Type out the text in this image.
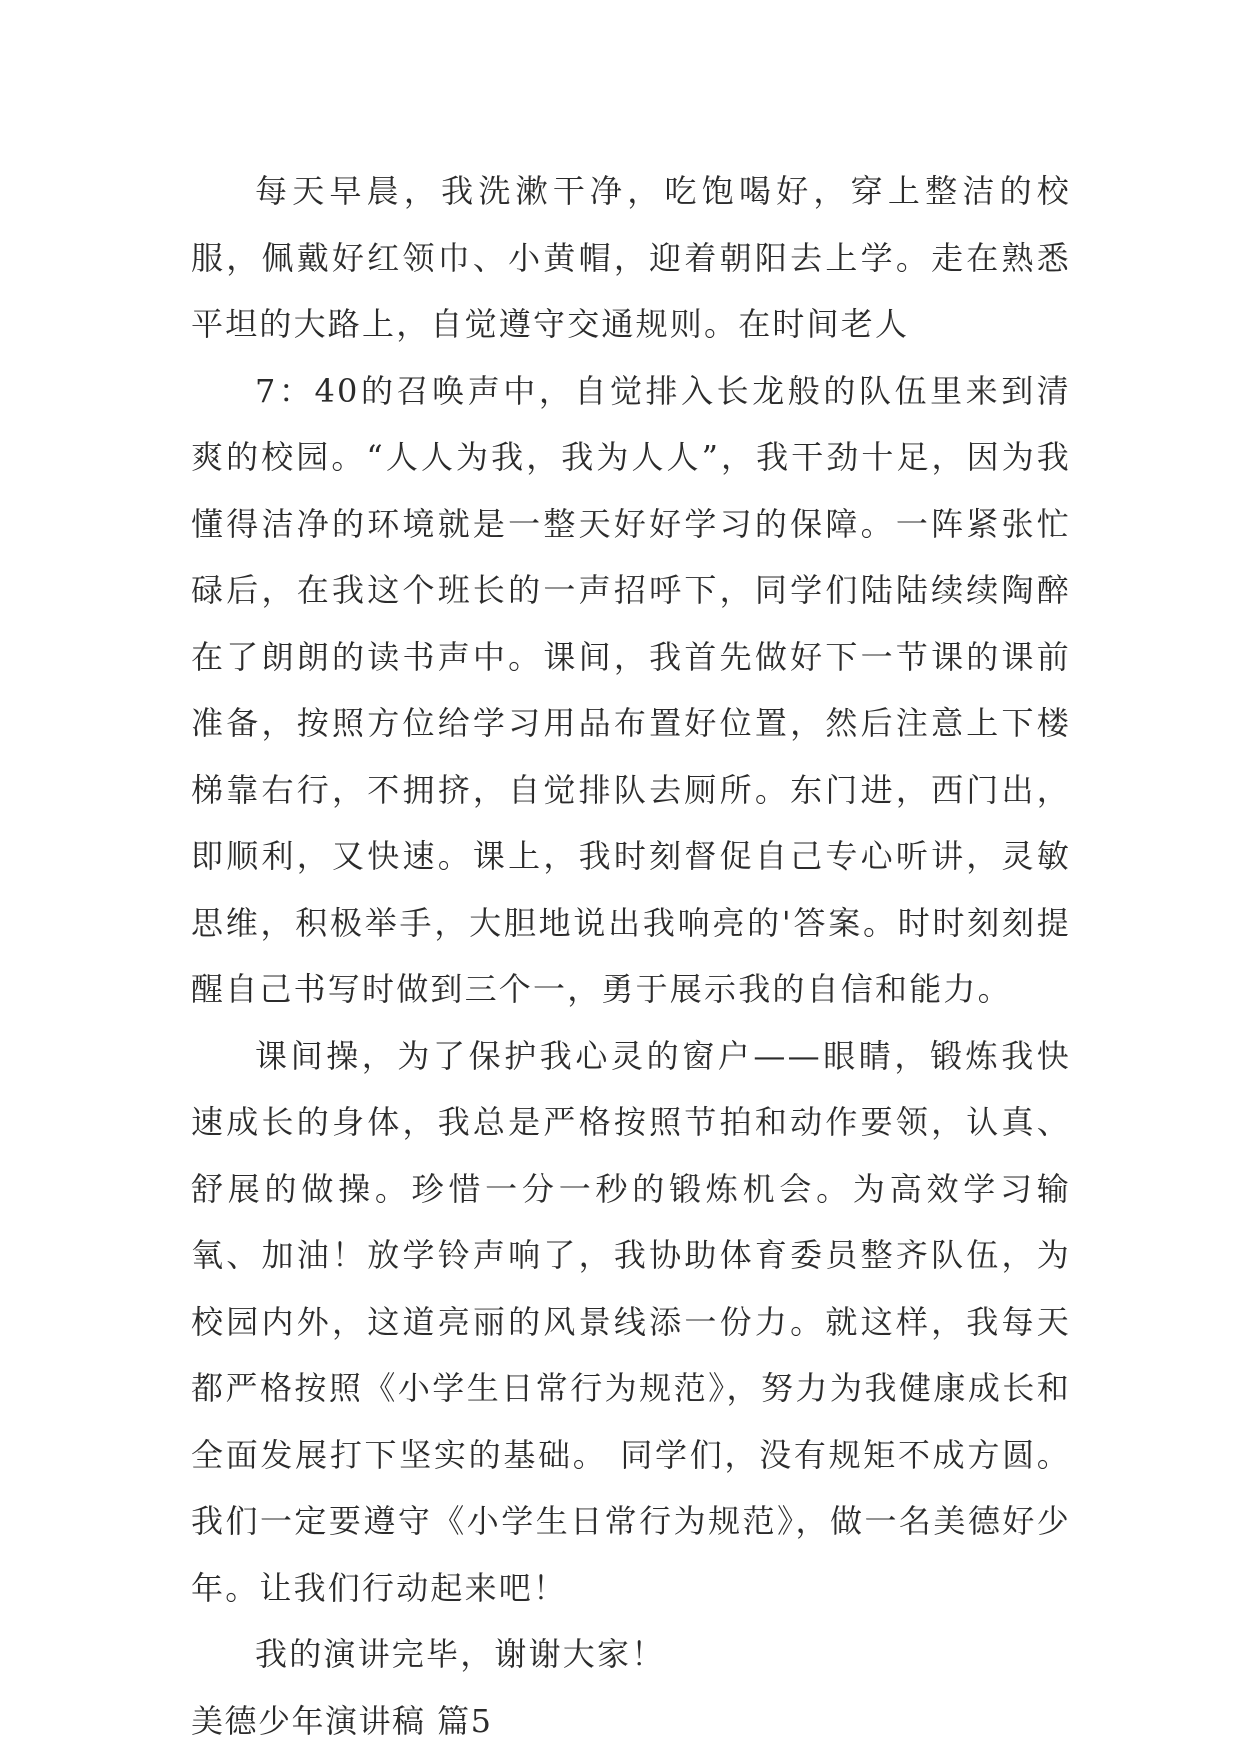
每天早晨，我洗漱干净，吃饱喝好，穿上整洁的校服，佩戴好红领巾、小黄帽，迎着朝阳去上学。走在熟悉平坦的大路上，自觉遵守交通规则。在时间老人

7：40的召唤声中，自觉排入长龙般的队伍里来到清爽的校园。“人人为我，我为人人”，我干劲十足，因为我懂得洁净的环境就是一整天好好学习的保障。一阵紧张忙碌后，在我这个班长的一声招呼下，同学们陆陆续续陶醉在了朗朗的读书声中。课间，我首先做好下一节课的课前准备，按照方位给学习用品布置好位置，然后注意上下楼梯靠右行，不拥挤，自觉排队去厕所。东门进，西门出，即顺利，又快速。课上，我时刻督促自己专心听讲，灵敏思维，积极举手，大胆地说出我响亮的'答案。时时刻刻提醒自己书写时做到三个一，勇于展示我的自信和能力。

课间操，为了保护我心灵的窗户——眼睛，锻炼我快速成长的身体，我总是严格按照节拍和动作要领，认真、舒展的做操。珍惜一分一秒的锻炼机会。为高效学习输氧、加油！放学铃声响了，我协助体育委员整齐队伍，为校园内外，这道亮丽的风景线添一份力。就这样，我每天都严格按照《小学生日常行为规范》，努力为我健康成长和全面发展打下坚实的基础。 同学们，没有规矩不成方圆。我们一定要遵守《小学生日常行为规范》，做一名美德好少年。让我们行动起来吧！

我的演讲完毕，谢谢大家！

美德少年演讲稿 篇5
